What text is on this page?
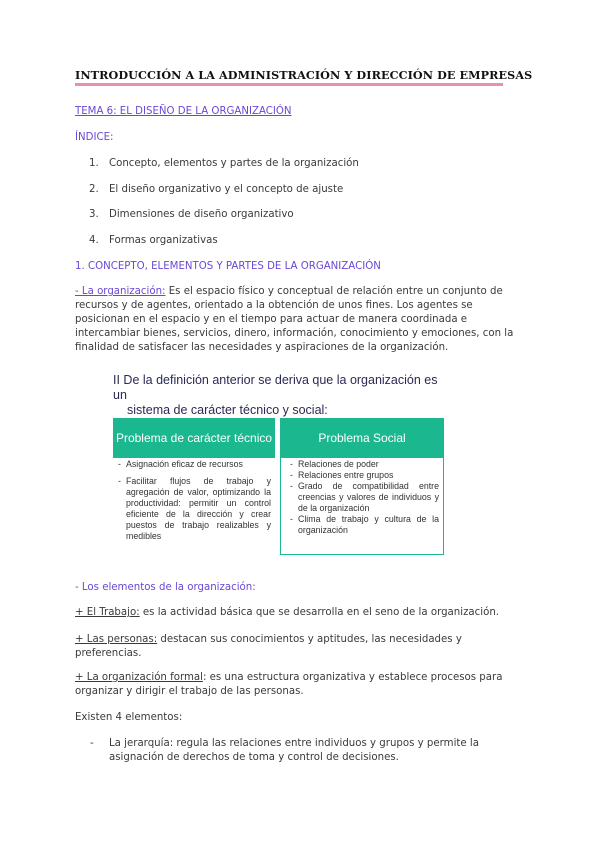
INTRODUCCIÓN A LA ADMINISTRACIÓN Y DIRECCIÓN DE EMPRESAS
TEMA 6: EL DISEÑO DE LA ORGANIZACIÓN
ÍNDICE:
1. Concepto, elementos y partes de la organización
2. El diseño organizativo y el concepto de ajuste
3. Dimensiones de diseño organizativo
4. Formas organizativas
1. CONCEPTO, ELEMENTOS Y PARTES DE LA ORGANIZACIÓN
- La organización: Es el espacio físico y conceptual de relación entre un conjunto de
recursos y de agentes, orientado a la obtención de unos fines. Los agentes se
posicionan en el espacio y en el tiempo para actuar de manera coordinada e
intercambiar bienes, servicios, dinero, información, conocimiento y emociones, con la
finalidad de satisfacer las necesidades y aspiraciones de la organización.
II De la definición anterior se deriva que la organización es un
sistema de carácter técnico y social:
Problema de carácter técnico
- Asignación eficaz de recursos
- Facilitar flujos de trabajo y agregación de valor, optimizando la productividad: permitir un control eficiente de la dirección y crear puestos de trabajo realizables y medibles
Problema Social
- Relaciones de poder
- Relaciones entre grupos
- Grado de compatibilidad entre creencias y valores de individuos y de la organización
- Clima de trabajo y cultura de la organización
- Los elementos de la organización:
+ El Trabajo: es la actividad básica que se desarrolla en el seno de la organización.
+ Las personas: destacan sus conocimientos y aptitudes, las necesidades y
preferencias.
+ La organización formal: es una estructura organizativa y establece procesos para
organizar y dirigir el trabajo de las personas.
Existen 4 elementos:
- La jerarquía: regula las relaciones entre individuos y grupos y permite la
asignación de derechos de toma y control de decisiones.
